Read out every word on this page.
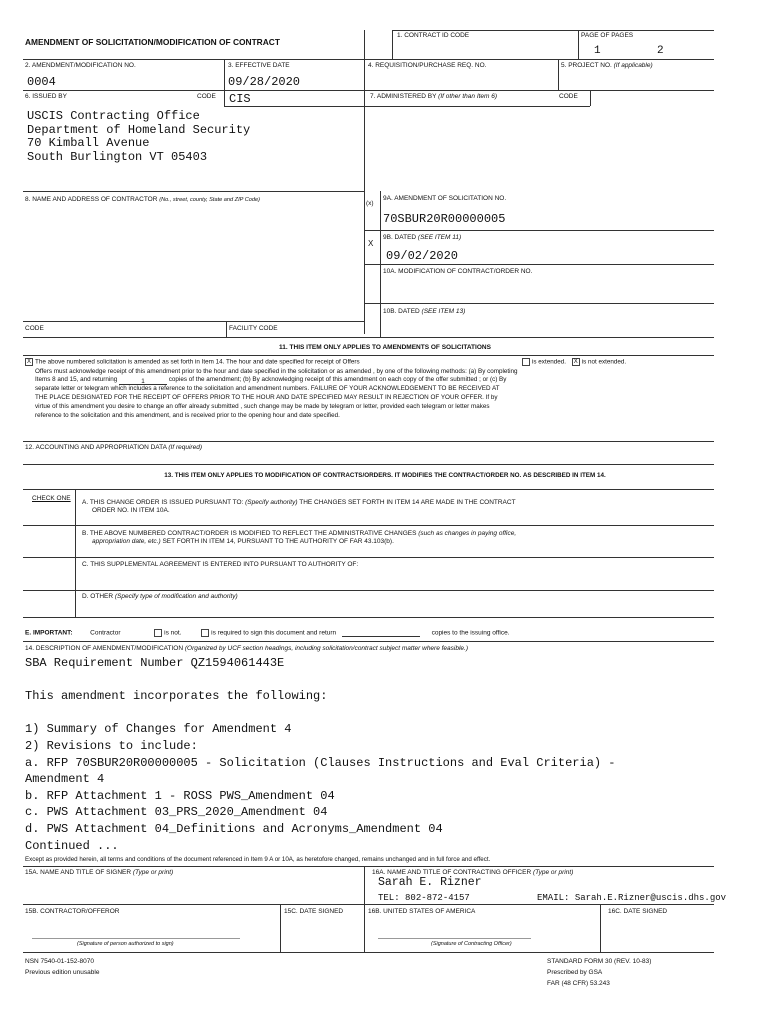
AMENDMENT OF SOLICITATION/MODIFICATION OF CONTRACT
1. CONTRACT ID CODE	PAGE OF PAGES
1	2
2. AMENDMENT/MODIFICATION NO.
0004
3. EFFECTIVE DATE
09/28/2020
4. REQUISITION/PURCHASE REQ. NO.	5. PROJECT NO. (If applicable)
6. ISSUED BY	CODE CIS	7. ADMINISTERED BY (If other than Item 6)	CODE
USCIS Contracting Office
Department of Homeland Security
70 Kimball Avenue
South Burlington VT 05403
8. NAME AND ADDRESS OF CONTRACTOR (No., street, county, State and ZIP Code)	(x)
9A. AMENDMENT OF SOLICITATION NO.
70SBUR20R00000005
X
9B. DATED (SEE ITEM 11)
09/02/2020
10A. MODIFICATION OF CONTRACT/ORDER NO.
10B. DATED (SEE ITEM 13)
CODE	FACILITY CODE
11. THIS ITEM ONLY APPLIES TO AMENDMENTS OF SOLICITATIONS
X The above numbered solicitation is amended as set forth in Item 14. The hour and date specified for receipt of Offers
Offers must acknowledge receipt of this amendment prior to the hour and date specified in the solicitation or as amended , by one of the following methods: (a) By completing
Items 8 and 15, and returning	1	copies of the amendment; (b) By acknowledging receipt of this amendment on each copy of the offer submitted ; or (c) By
separate letter or telegram which includes a reference to the solicitation and amendment numbers. FAILURE OF YOUR ACKNOWLEDGEMENT TO BE RECEIVED AT
THE PLACE DESIGNATED FOR THE RECEIPT OF OFFERS PRIOR TO THE HOUR AND DATE SPECIFIED MAY RESULT IN REJECTION OF YOUR OFFER. If by
virtue of this amendment you desire to change an offer already submitted , such change may be made by telegram or letter, provided each telegram or letter makes
reference to the solicitation and this amendment, and is received prior to the opening hour and date specified.
is extended. X is not extended.
12. ACCOUNTING AND APPROPRIATION DATA (If required)
13. THIS ITEM ONLY APPLIES TO MODIFICATION OF CONTRACTS/ORDERS. IT MODIFIES THE CONTRACT/ORDER NO. AS DESCRIBED IN ITEM 14.
CHECK ONE
A. THIS CHANGE ORDER IS ISSUED PURSUANT TO: (Specify authority) THE CHANGES SET FORTH IN ITEM 14 ARE MADE IN THE CONTRACT
ORDER NO. IN ITEM 10A.
B. THE ABOVE NUMBERED CONTRACT/ORDER IS MODIFIED TO REFLECT THE ADMINISTRATIVE CHANGES (such as changes in paying office,
appropriation date, etc.) SET FORTH IN ITEM 14, PURSUANT TO THE AUTHORITY OF FAR 43.103(b).
C. THIS SUPPLEMENTAL AGREEMENT IS ENTERED INTO PURSUANT TO AUTHORITY OF:
D. OTHER (Specify type of modification and authority)
E. IMPORTANT:	Contractor	is not.	is required to sign this document and return	copies to the issuing office.
14. DESCRIPTION OF AMENDMENT/MODIFICATION (Organized by UCF section headings, including solicitation/contract subject matter where feasible.)
SBA Requirement Number QZ1594061443E
This amendment incorporates the following:
1) Summary of Changes for Amendment 4
2) Revisions to include:
a. RFP 70SBUR20R00000005 - Solicitation (Clauses Instructions and Eval Criteria) -
Amendment 4
b. RFP Attachment 1 - ROSS PWS_Amendment 04
c. PWS Attachment 03_PRS_2020_Amendment 04
d. PWS Attachment 04_Definitions and Acronyms_Amendment 04
Continued ...
Except as provided herein, all terms and conditions of the document referenced in Item 9 A or 10A, as heretofore changed, remains unchanged and in full force and effect.
15A. NAME AND TITLE OF SIGNER (Type or print)	16A. NAME AND TITLE OF CONTRACTING OFFICER (Type or print)
Sarah E. Rizner
TEL: 802-872-4157	EMAIL: Sarah.E.Rizner@uscis.dhs.gov
15B. CONTRACTOR/OFFEROR	15C. DATE SIGNED	16B. UNITED STATES OF AMERICA	16C. DATE SIGNED
(Signature of person authorized to sign)	(Signature of Contracting Officer)
NSN 7540-01-152-8070
Previous edition unusable
STANDARD FORM 30 (REV. 10-83)
Prescribed by GSA
FAR (48 CFR) 53.243
